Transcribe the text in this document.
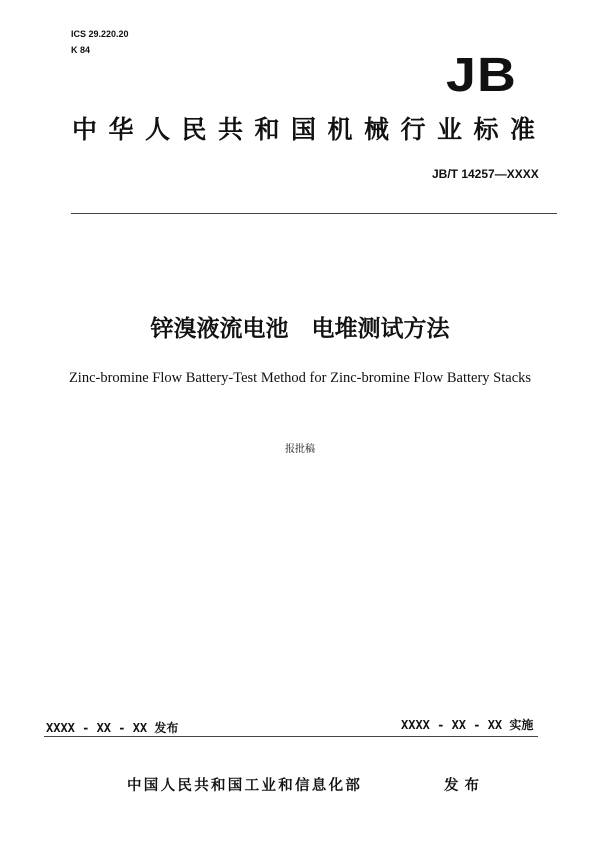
ICS 29.220.20
K 84	JB
中华人民共和国机械行业标准
JB/T 14257—XXXX
锌溴液流电池　电堆测试方法
Zinc-bromine Flow Battery-Test Method for Zinc-bromine Flow Battery Stacks
报批稿
XXXX - XX - XX 发布	XXXX - XX - XX 实施
中国人民共和国工业和信息化部	发布
